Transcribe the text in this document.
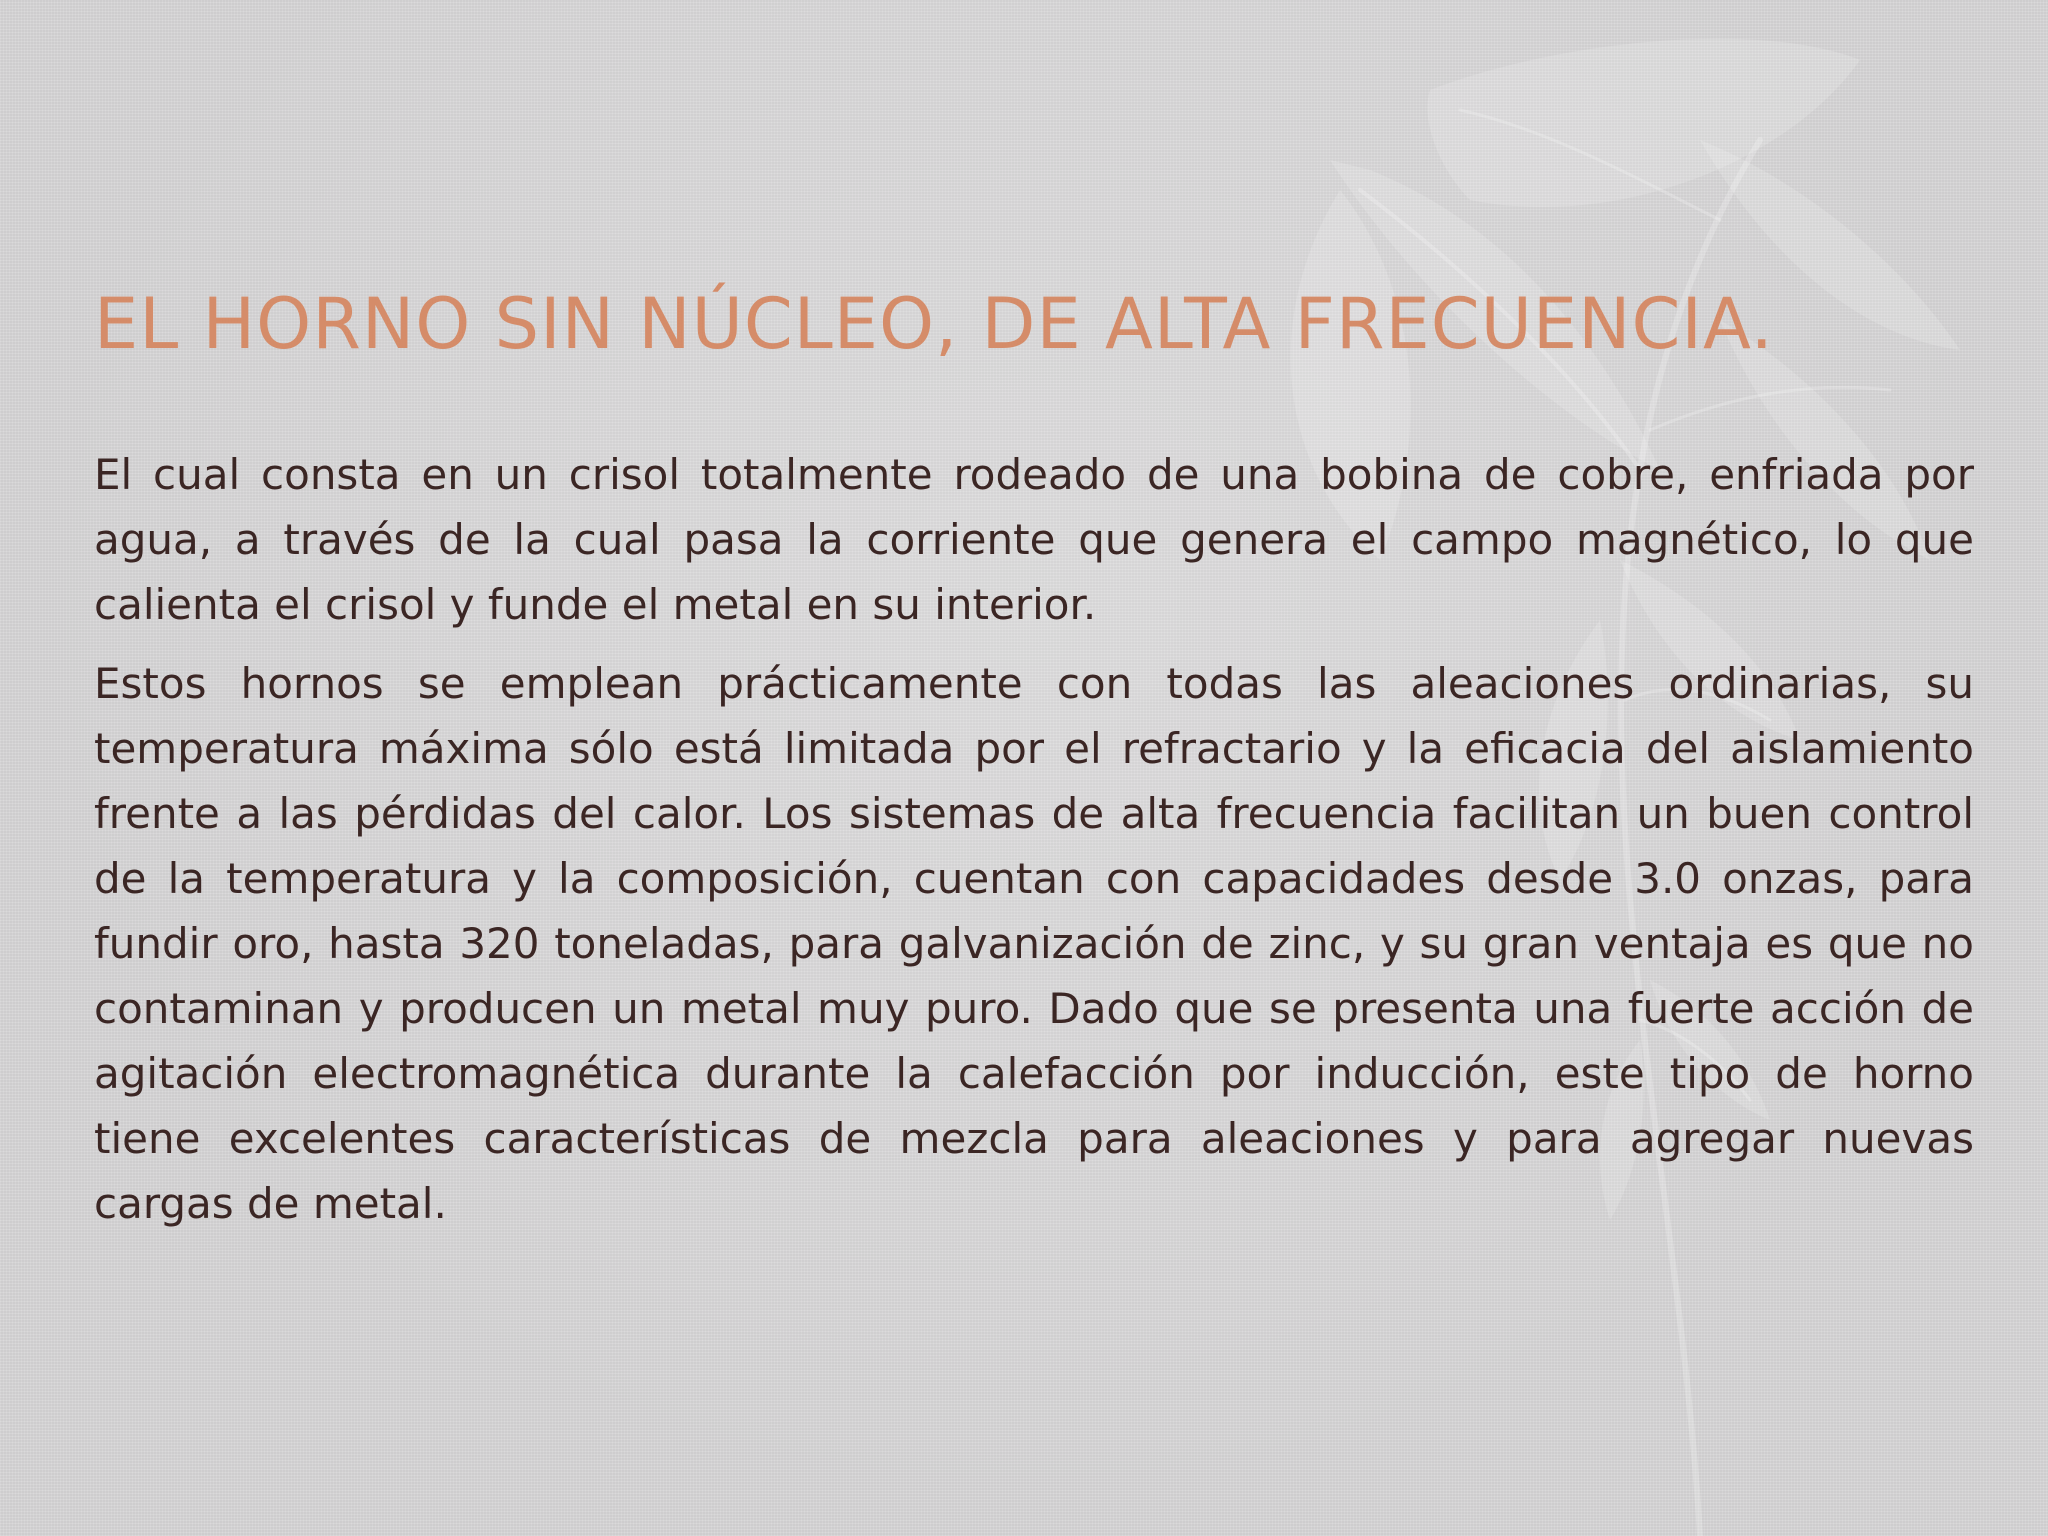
EL HORNO SIN NÚCLEO, DE ALTA FRECUENCIA.

El cual consta en un crisol totalmente rodeado de una bobina de cobre, enfriada por agua, a través de la cual pasa la corriente que genera el campo magnético, lo que calienta el crisol y funde el metal en su interior.

Estos hornos se emplean prácticamente con todas las aleaciones ordinarias, su temperatura máxima sólo está limitada por el refractario y la eficacia del aislamiento frente a las pérdidas del calor. Los sistemas de alta frecuencia facilitan un buen control de la temperatura y la composición, cuentan con capacidades desde 3.0 onzas, para fundir oro, hasta 320 toneladas, para galvanización de zinc, y su gran ventaja es que no contaminan y producen un metal muy puro. Dado que se presenta una fuerte acción de agitación electromagnética durante la calefacción por inducción, este tipo de horno tiene excelentes características de mezcla para aleaciones y para agregar nuevas cargas de metal.
